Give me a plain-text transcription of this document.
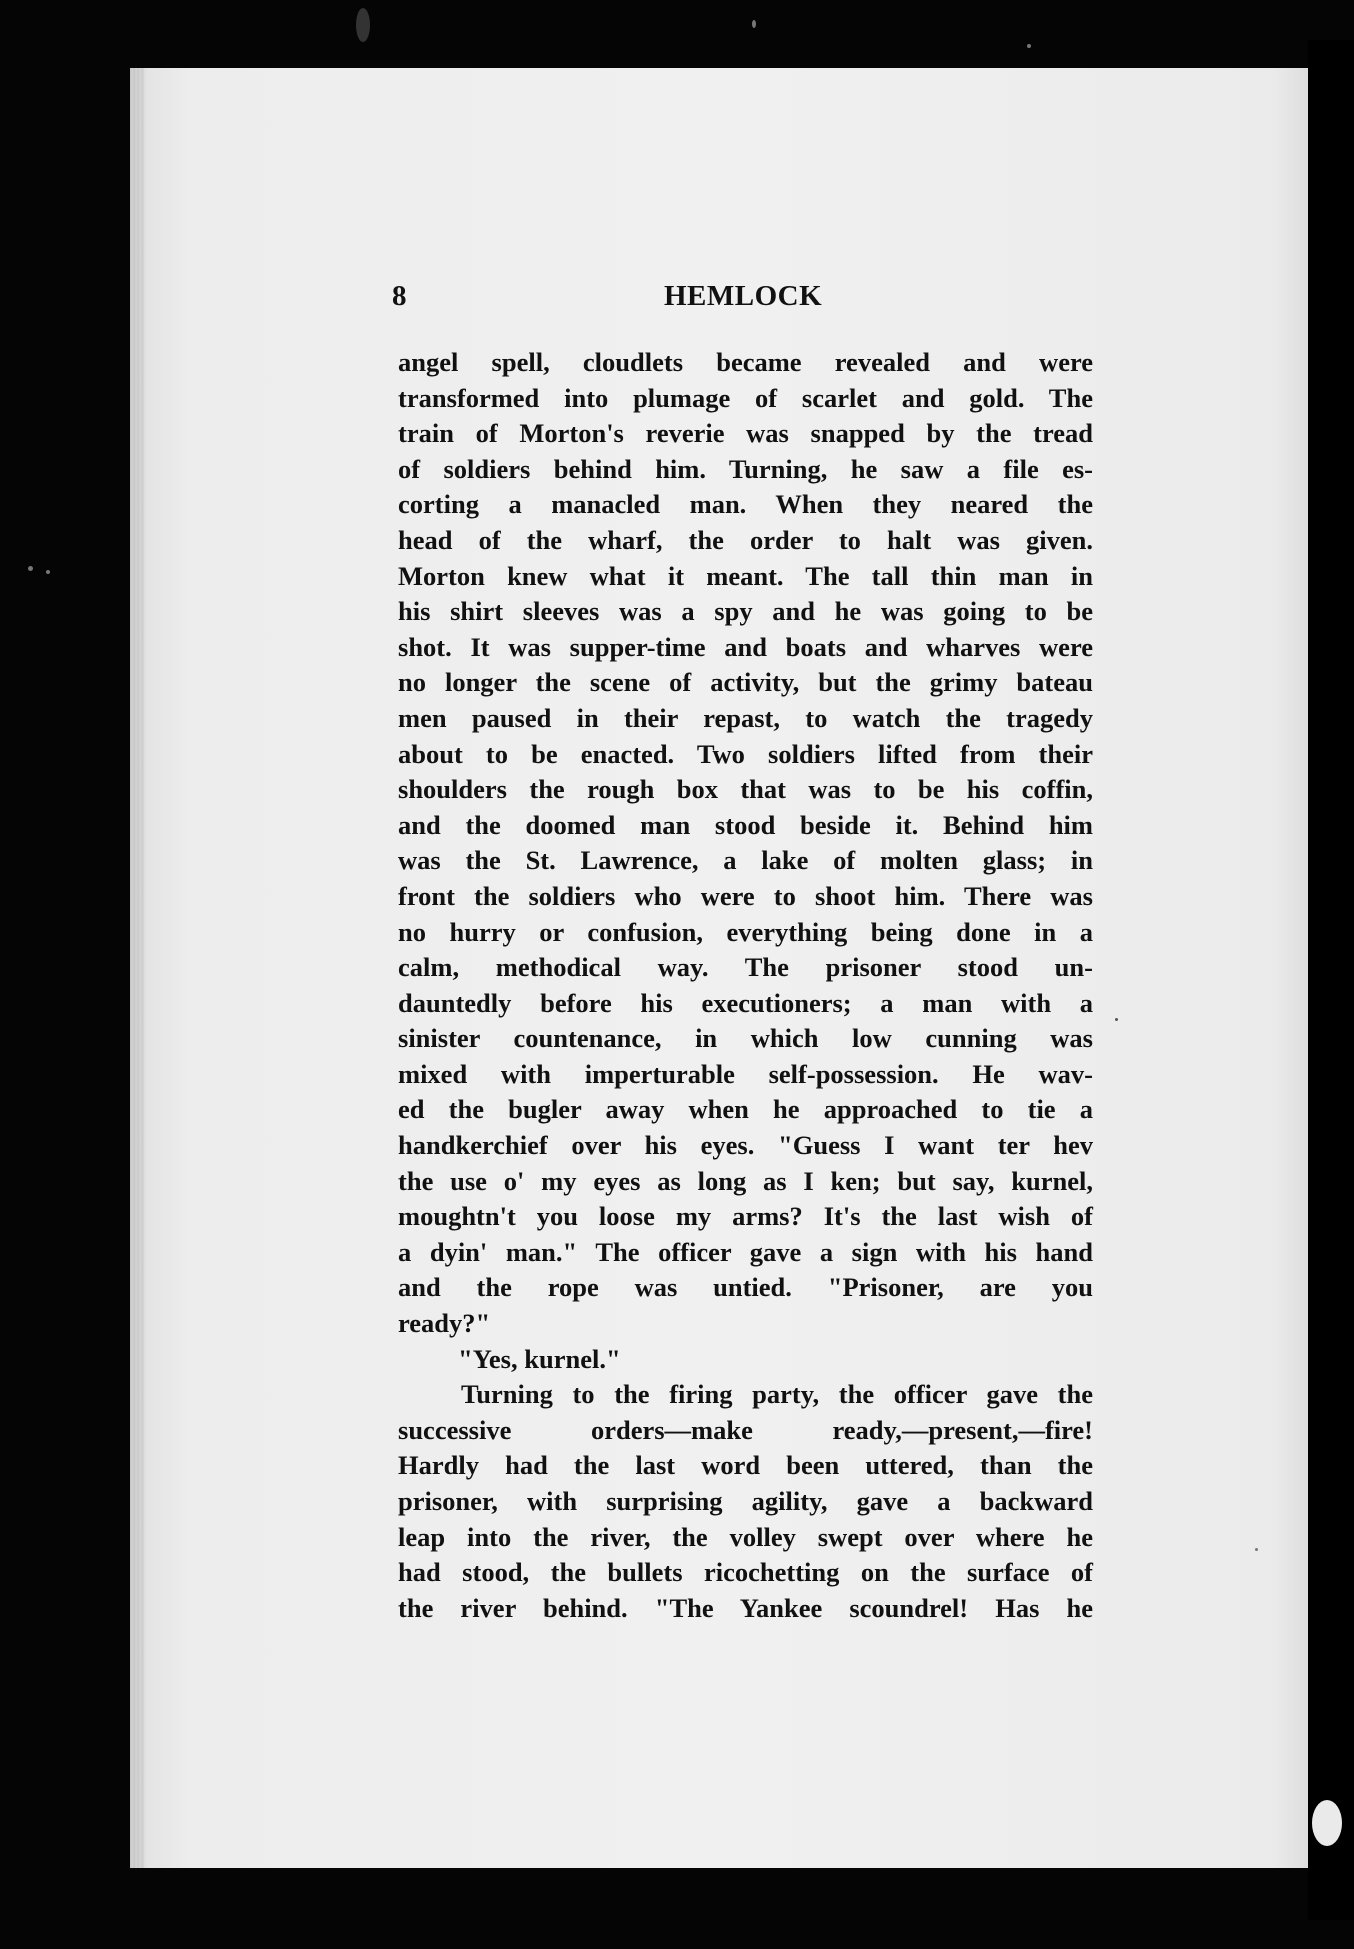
8	HEMLOCK
angel spell, cloudlets became revealed and were
transformed into plumage of scarlet and gold. The
train of Morton's reverie was snapped by the tread
of soldiers behind him. Turning, he saw a file es-
corting a manacled man. When they neared the
head of the wharf, the order to halt was given.
Morton knew what it meant. The tall thin man in
his shirt sleeves was a spy and he was going to be
shot. It was supper-time and boats and wharves were
no longer the scene of activity, but the grimy bateau
men paused in their repast, to watch the tragedy
about to be enacted. Two soldiers lifted from their
shoulders the rough box that was to be his coffin,
and the doomed man stood beside it. Behind him
was the St. Lawrence, a lake of molten glass; in
front the soldiers who were to shoot him. There was
no hurry or confusion, everything being done in a
calm, methodical way. The prisoner stood un-
dauntedly before his executioners; a man with a
sinister countenance, in which low cunning was
mixed with imperturable self-possession. He wav-
ed the bugler away when he approached to tie a
handkerchief over his eyes. "Guess I want ter hev
the use o' my eyes as long as I ken; but say, kurnel,
moughtn't you loose my arms? It's the last wish of
a dyin' man." The officer gave a sign with his hand
and the rope was untied. "Prisoner, are you
ready?"
"Yes, kurnel."
Turning to the firing party, the officer gave the
successive orders—make ready,—present,—fire!
Hardly had the last word been uttered, than the
prisoner, with surprising agility, gave a backward
leap into the river, the volley swept over where he
had stood, the bullets ricochetting on the surface of
the river behind. "The Yankee scoundrel! Has he
